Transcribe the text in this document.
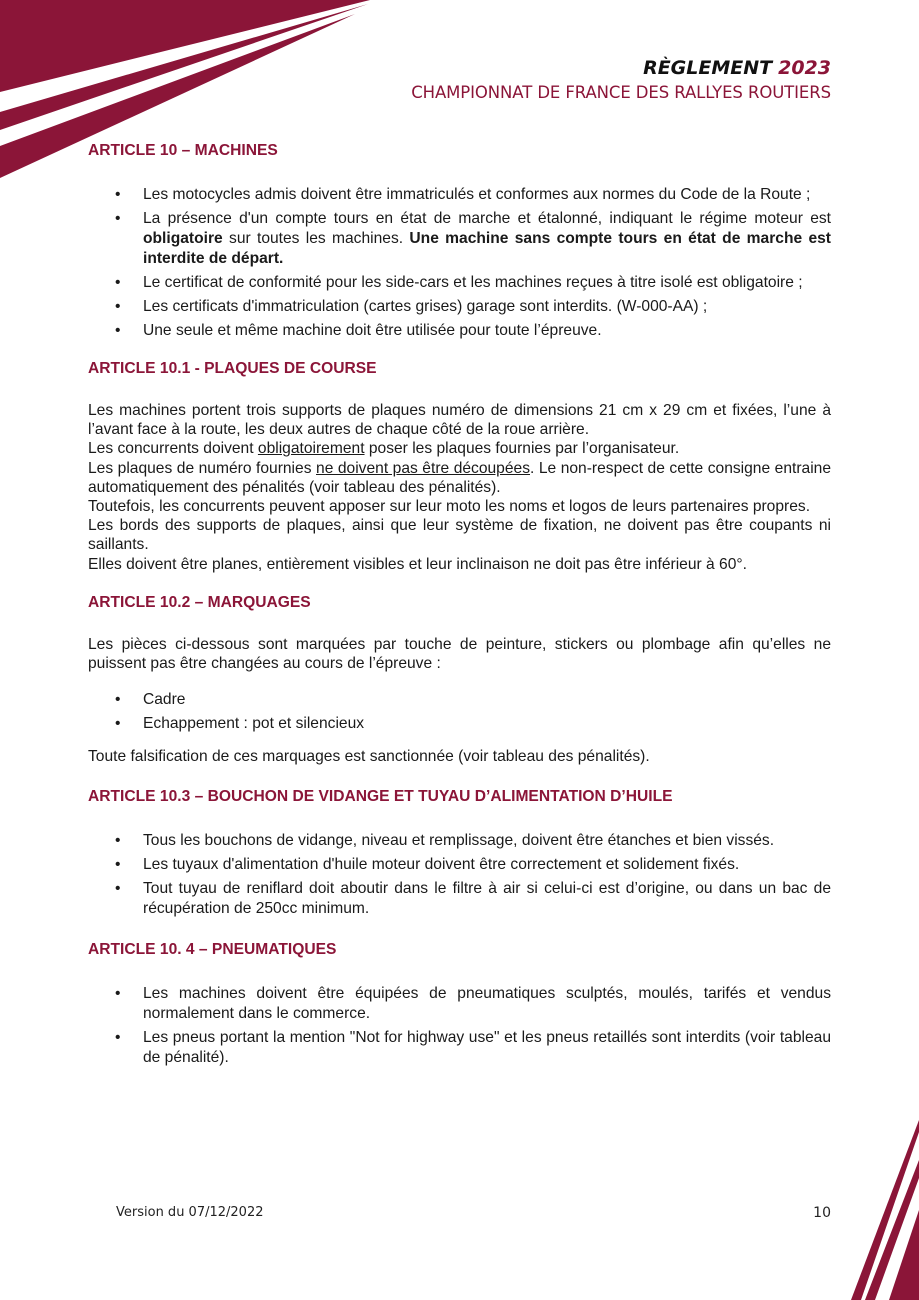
RÈGLEMENT 2023
CHAMPIONNAT DE FRANCE DES RALLYES ROUTIERS
ARTICLE 10 – MACHINES
• Les motocycles admis doivent être immatriculés et conformes aux normes du Code de la Route ;
• La présence d'un compte tours en état de marche et étalonné, indiquant le régime moteur est obligatoire sur toutes les machines. Une machine sans compte tours en état de marche est interdite de départ.
• Le certificat de conformité pour les side-cars et les machines reçues à titre isolé est obligatoire ;
• Les certificats d'immatriculation (cartes grises) garage sont interdits. (W-000-AA) ;
• Une seule et même machine doit être utilisée pour toute l’épreuve.
ARTICLE 10.1 - PLAQUES DE COURSE

Les machines portent trois supports de plaques numéro de dimensions 21 cm x 29 cm et fixées, l’une à l’avant face à la route, les deux autres de chaque côté de la roue arrière.

Les concurrents doivent obligatoirement poser les plaques fournies par l’organisateur.

Les plaques de numéro fournies ne doivent pas être découpées. Le non-respect de cette consigne entraine automatiquement des pénalités (voir tableau des pénalités).

Toutefois, les concurrents peuvent apposer sur leur moto les noms et logos de leurs partenaires propres.

Les bords des supports de plaques, ainsi que leur système de fixation, ne doivent pas être coupants ni saillants.

Elles doivent être planes, entièrement visibles et leur inclinaison ne doit pas être inférieur à 60°.

ARTICLE 10.2 – MARQUAGES

Les pièces ci-dessous sont marquées par touche de peinture, stickers ou plombage afin qu’elles ne puissent pas être changées au cours de l’épreuve :

• Cadre
• Echappement : pot et silencieux

Toute falsification de ces marquages est sanctionnée (voir tableau des pénalités).

ARTICLE 10.3 – BOUCHON DE VIDANGE ET TUYAU D’ALIMENTATION D’HUILE
• Tous les bouchons de vidange, niveau et remplissage, doivent être étanches et bien vissés.
• Les tuyaux d'alimentation d'huile moteur doivent être correctement et solidement fixés.
• Tout tuyau de reniflard doit aboutir dans le filtre à air si celui-ci est d’origine, ou dans un bac de récupération de 250cc minimum.
ARTICLE 10. 4 – PNEUMATIQUES
• Les machines doivent être équipées de pneumatiques sculptés, moulés, tarifés et vendus normalement dans le commerce.
• Les pneus portant la mention "Not for highway use" et les pneus retaillés sont interdits (voir tableau de pénalité).
Version du 07/12/2022	10
